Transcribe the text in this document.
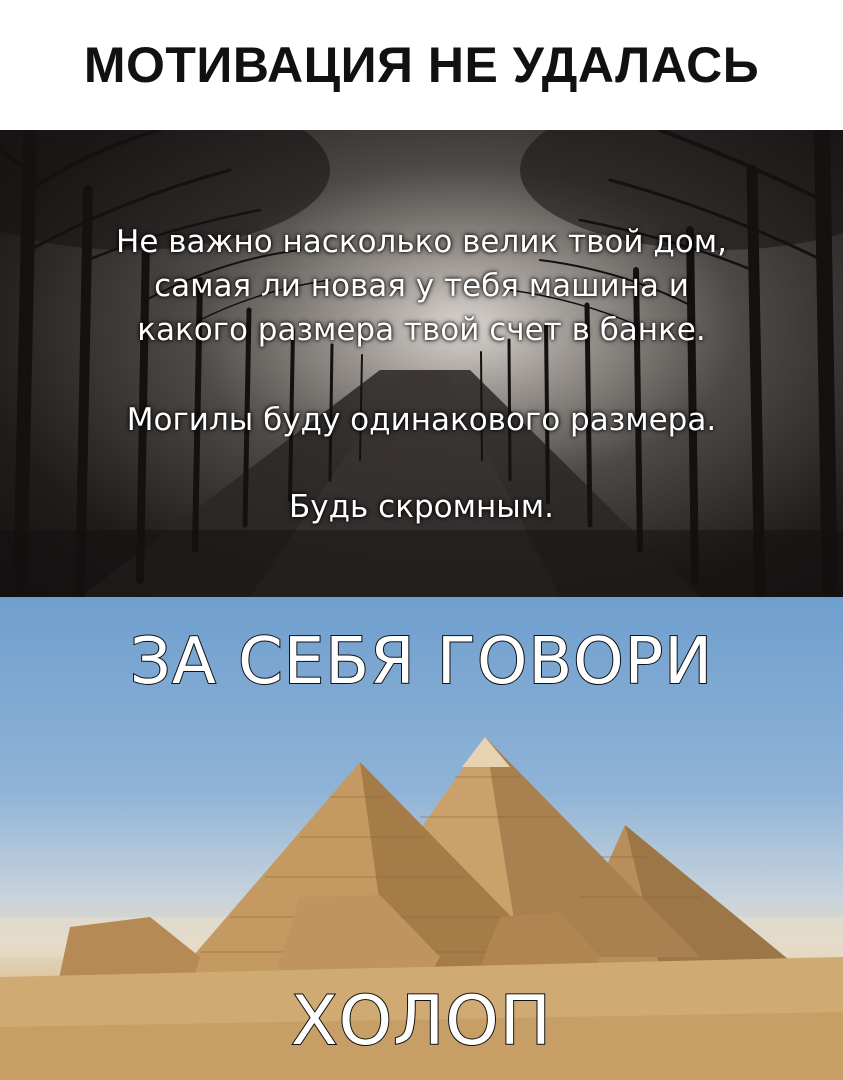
МОТИВАЦИЯ НЕ УДАЛАСЬ
Не важно насколько велик твой дом,
самая ли новая у тебя машина и
какого размера твой счет в банке.
Могилы буду одинакового размера.
Будь скромным.
ЗА СЕБЯ ГОВОРИ
ХОЛОП
